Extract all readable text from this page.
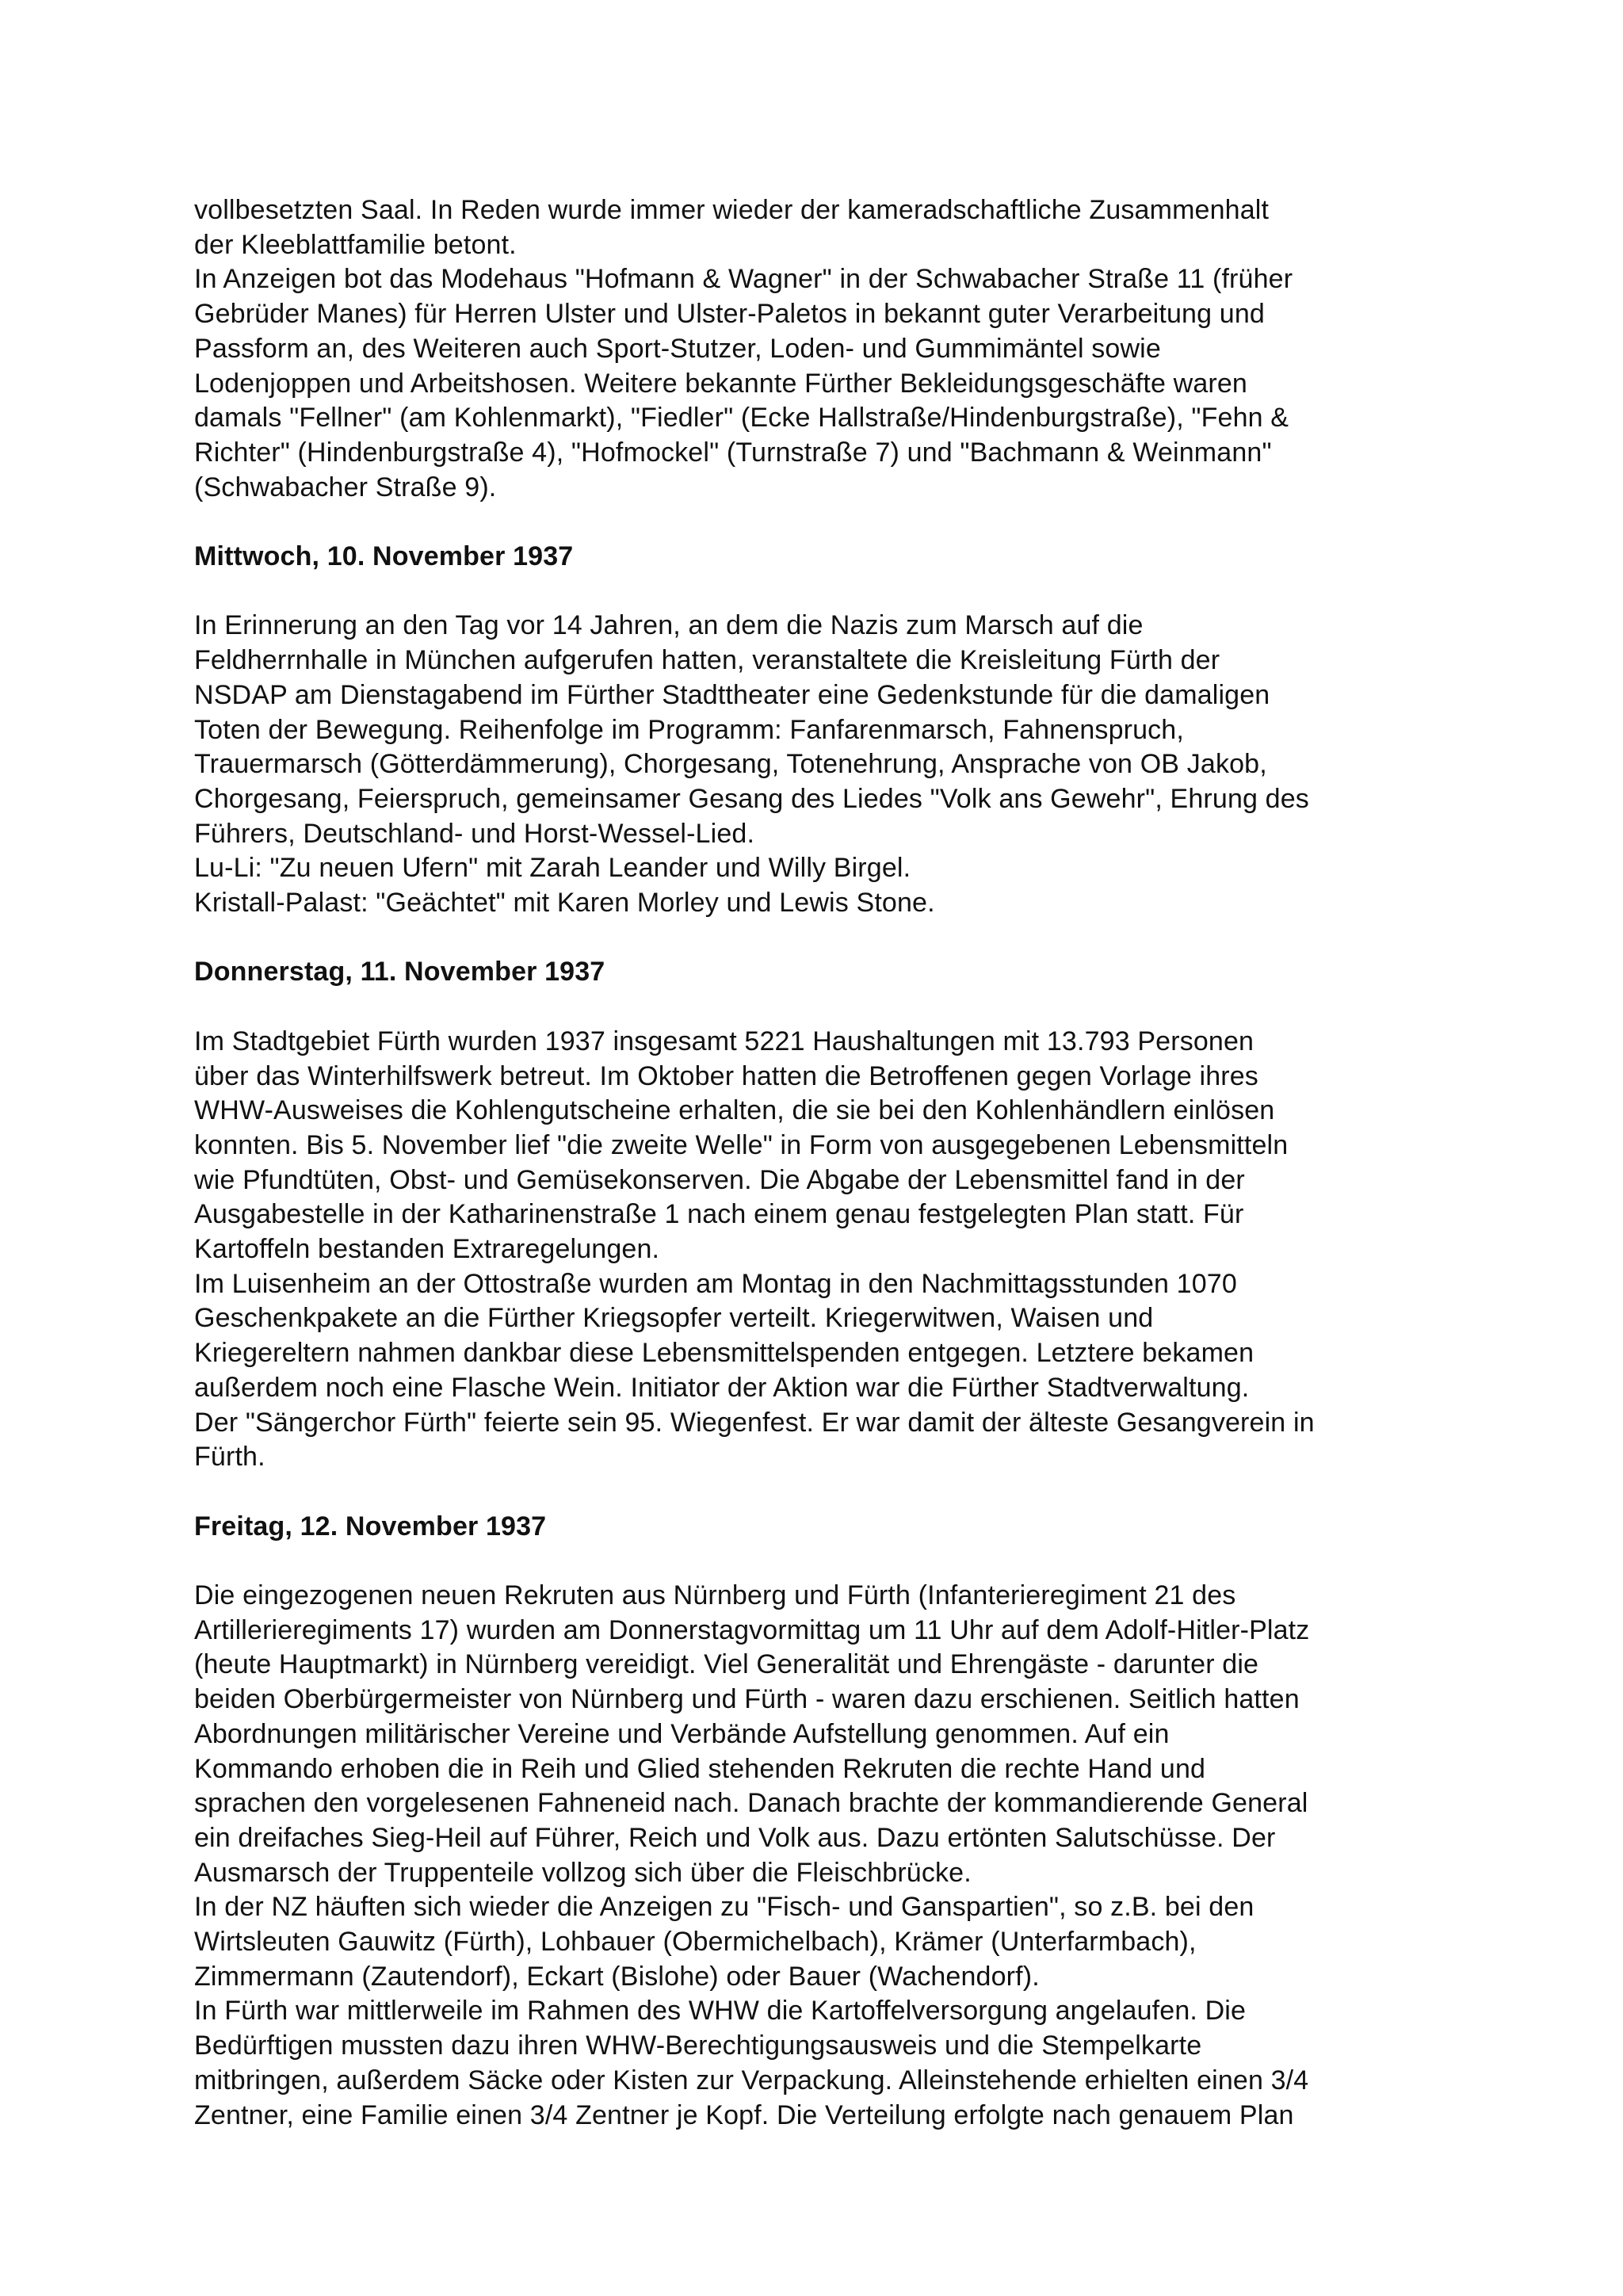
vollbesetzten Saal. In Reden wurde immer wieder der kameradschaftliche Zusammenhalt
der Kleeblattfamilie betont.
In Anzeigen bot das Modehaus "Hofmann & Wagner" in der Schwabacher Straße 11 (früher
Gebrüder Manes) für Herren Ulster und Ulster-Paletos in bekannt guter Verarbeitung und
Passform an, des Weiteren auch Sport-Stutzer, Loden- und Gummimäntel sowie
Lodenjoppen und Arbeitshosen. Weitere bekannte Fürther Bekleidungsgeschäfte waren
damals "Fellner" (am Kohlenmarkt), "Fiedler" (Ecke Hallstraße/Hindenburgstraße), "Fehn &
Richter" (Hindenburgstraße 4), "Hofmockel" (Turnstraße 7) und "Bachmann & Weinmann"
(Schwabacher Straße 9).
Mittwoch, 10. November 1937
In Erinnerung an den Tag vor 14 Jahren, an dem die Nazis zum Marsch auf die
Feldherrnhalle in München aufgerufen hatten, veranstaltete die Kreisleitung Fürth der
NSDAP am Dienstagabend im Fürther Stadttheater eine Gedenkstunde für die damaligen
Toten der Bewegung. Reihenfolge im Programm: Fanfarenmarsch, Fahnenspruch,
Trauermarsch (Götterdämmerung), Chorgesang, Totenehrung, Ansprache von OB Jakob,
Chorgesang, Feierspruch, gemeinsamer Gesang des Liedes "Volk ans Gewehr", Ehrung des
Führers, Deutschland- und Horst-Wessel-Lied.
Lu-Li: "Zu neuen Ufern" mit Zarah Leander und Willy Birgel.
Kristall-Palast: "Geächtet" mit Karen Morley und Lewis Stone.
Donnerstag, 11. November 1937
Im Stadtgebiet Fürth wurden 1937 insgesamt 5221 Haushaltungen mit 13.793 Personen
über das Winterhilfswerk betreut. Im Oktober hatten die Betroffenen gegen Vorlage ihres
WHW-Ausweises die Kohlengutscheine erhalten, die sie bei den Kohlenhändlern einlösen
konnten. Bis 5. November lief "die zweite Welle" in Form von ausgegebenen Lebensmitteln
wie Pfundtüten, Obst- und Gemüsekonserven. Die Abgabe der Lebensmittel fand in der
Ausgabestelle in der Katharinenstraße 1 nach einem genau festgelegten Plan statt. Für
Kartoffeln bestanden Extraregelungen.
Im Luisenheim an der Ottostraße wurden am Montag in den Nachmittagsstunden 1070
Geschenkpakete an die Fürther Kriegsopfer verteilt. Kriegerwitwen, Waisen und
Kriegereltern nahmen dankbar diese Lebensmittelspenden entgegen. Letztere bekamen
außerdem noch eine Flasche Wein. Initiator der Aktion war die Fürther Stadtverwaltung.
Der "Sängerchor Fürth" feierte sein 95. Wiegenfest. Er war damit der älteste Gesangverein in
Fürth.
Freitag, 12. November 1937
Die eingezogenen neuen Rekruten aus Nürnberg und Fürth (Infanterieregiment 21 des
Artillerieregiments 17) wurden am Donnerstagvormittag um 11 Uhr auf dem Adolf-Hitler-Platz
(heute Hauptmarkt) in Nürnberg vereidigt. Viel Generalität und Ehrengäste - darunter die
beiden Oberbürgermeister von Nürnberg und Fürth - waren dazu erschienen. Seitlich hatten
Abordnungen militärischer Vereine und Verbände Aufstellung genommen. Auf ein
Kommando erhoben die in Reih und Glied stehenden Rekruten die rechte Hand und
sprachen den vorgelesenen Fahneneid nach. Danach brachte der kommandierende General
ein dreifaches Sieg-Heil auf Führer, Reich und Volk aus. Dazu ertönten Salutschüsse. Der
Ausmarsch der Truppenteile vollzog sich über die Fleischbrücke.
In der NZ häuften sich wieder die Anzeigen zu "Fisch- und Ganspartien", so z.B. bei den
Wirtsleuten Gauwitz (Fürth), Lohbauer (Obermichelbach), Krämer (Unterfarmbach),
Zimmermann (Zautendorf), Eckart (Bislohe) oder Bauer (Wachendorf).
In Fürth war mittlerweile im Rahmen des WHW die Kartoffelversorgung angelaufen. Die
Bedürftigen mussten dazu ihren WHW-Berechtigungsausweis und die Stempelkarte
mitbringen, außerdem Säcke oder Kisten zur Verpackung. Alleinstehende erhielten einen 3/4
Zentner, eine Familie einen 3/4 Zentner je Kopf. Die Verteilung erfolgte nach genauem Plan
